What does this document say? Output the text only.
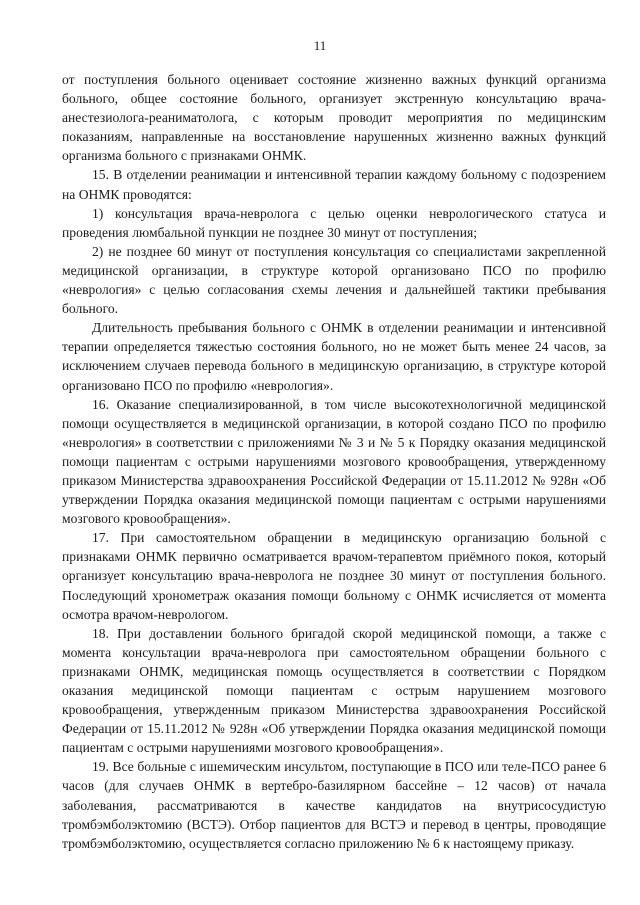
11

от поступления больного оценивает состояние жизненно важных функций организма больного, общее состояние больного, организует экстренную консультацию врача-анестезиолога-реаниматолога, с которым проводит мероприятия по медицинским показаниям, направленные на восстановление нарушенных жизненно важных функций организма больного с признаками ОНМК.

15. В отделении реанимации и интенсивной терапии каждому больному с подозрением на ОНМК проводятся:

1) консультация врача-невролога с целью оценки неврологического статуса и проведения люмбальной пункции не позднее 30 минут от поступления;

2) не позднее 60 минут от поступления консультация со специалистами закрепленной медицинской организации, в структуре которой организовано ПСО по профилю «неврология» с целью согласования схемы лечения и дальнейшей тактики пребывания больного.

Длительность пребывания больного с ОНМК в отделении реанимации и интенсивной терапии определяется тяжестью состояния больного, но не может быть менее 24 часов, за исключением случаев перевода больного в медицинскую организацию, в структуре которой организовано ПСО по профилю «неврология».

16. Оказание специализированной, в том числе высокотехнологичной медицинской помощи осуществляется в медицинской организации, в которой создано ПСО по профилю «неврология» в соответствии с приложениями № 3 и № 5 к Порядку оказания медицинской помощи пациентам с острыми нарушениями мозгового кровообращения, утвержденному приказом Министерства здравоохранения Российской Федерации от 15.11.2012 № 928н «Об утверждении Порядка оказания медицинской помощи пациентам с острыми нарушениями мозгового кровообращения».

17. При самостоятельном обращении в медицинскую организацию больной с признаками ОНМК первично осматривается врачом-терапевтом приёмного покоя, который организует консультацию врача-невролога не позднее 30 минут от поступления больного. Последующий хронометраж оказания помощи больному с ОНМК исчисляется от момента осмотра врачом-неврологом.

18. При доставлении больного бригадой скорой медицинской помощи, а также с момента консультации врача-невролога при самостоятельном обращении больного с признаками ОНМК, медицинская помощь осуществляется в соответствии с Порядком оказания медицинской помощи пациентам с острым нарушением мозгового кровообращения, утвержденным приказом Министерства здравоохранения Российской Федерации от 15.11.2012 № 928н «Об утверждении Порядка оказания медицинской помощи пациентам с острыми нарушениями мозгового кровообращения».

19. Все больные с ишемическим инсультом, поступающие в ПСО или теле-ПСО ранее 6 часов (для случаев ОНМК в вертебро-базилярном бассейне – 12 часов) от начала заболевания, рассматриваются в качестве кандидатов на внутрисосудистую тромбэмболэктомию (ВСТЭ). Отбор пациентов для ВСТЭ и перевод в центры, проводящие тромбэмболэктомию, осуществляется согласно приложению № 6 к настоящему приказу.
